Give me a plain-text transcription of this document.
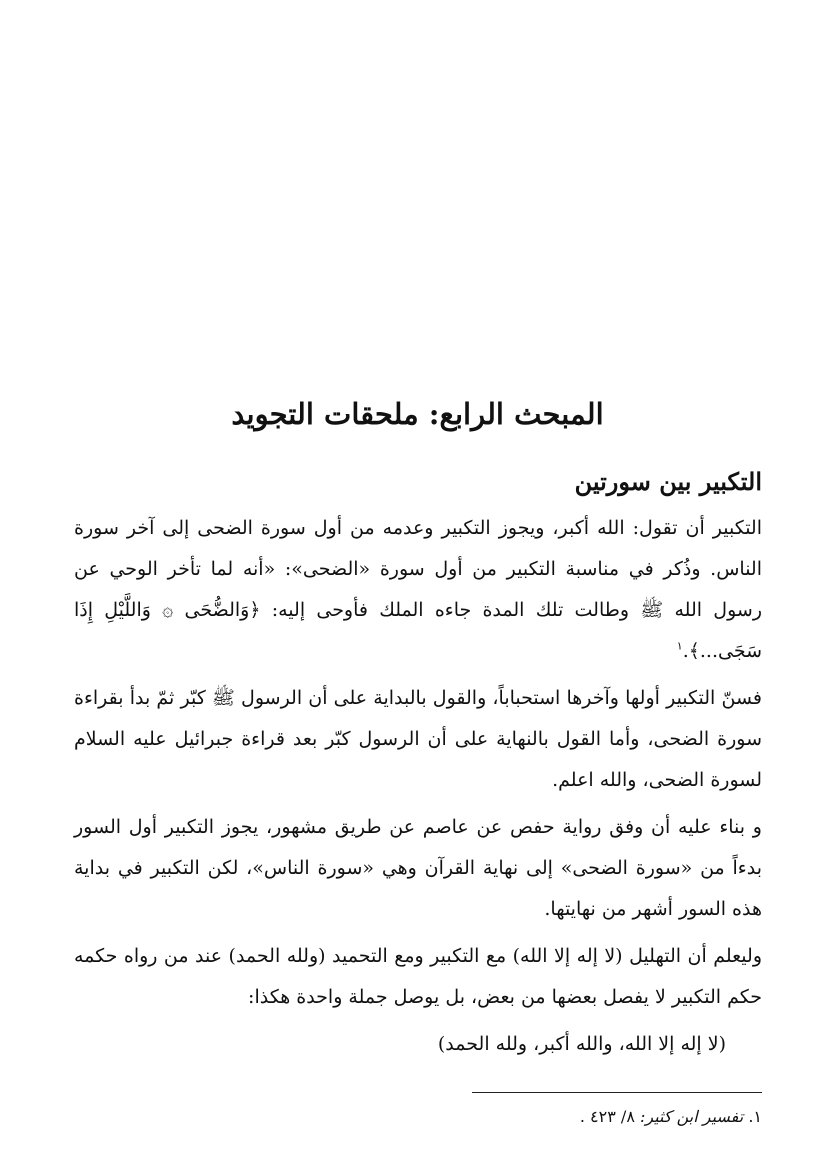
المبحث الرابع: ملحقات التجويد
التكبير بين سورتين

التكبير أن تقول: الله أكبر، ويجوز التكبير وعدمه من أول سورة الضحى إلى آخر سورة الناس. وذُكر في مناسبة التكبير من أول سورة «الضحى»: «أنه لما تأخر الوحي عن رسول الله ﷺ وطالت تلك المدة جاءه الملك فأوحى إليه: ﴿وَالضُّحَى ۞ وَاللَّيْلِ إِذَا سَجَى...﴾.$^١$

فسنّ التكبير أولها وآخرها استحباباً، والقول بالبداية على أن الرسول ﷺ كبّر ثمّ بدأ بقراءة سورة الضحى، وأما القول بالنهاية على أن الرسول كبّر بعد قراءة جبرائيل عليه السلام لسورة الضحى، والله اعلم.

و بناء عليه أن وفق رواية حفص عن عاصم عن طريق مشهور، يجوز التكبير أول السور بدءاً من «سورة الضحى» إلى نهاية القرآن وهي «سورة الناس»، لكن التكبير في بداية هذه السور أشهر من نهايتها.

وليعلم أن التهليل (لا إله إلا الله) مع التكبير ومع التحميد (ولله الحمد) عند من رواه حكمه حكم التكبير لا يفصل بعضها من بعض، بل يوصل جملة واحدة هكذا:

(لا إله إلا الله، والله أكبر، ولله الحمد)

١. تفسير ابن كثير: ٨/ ٤٢٣ .
